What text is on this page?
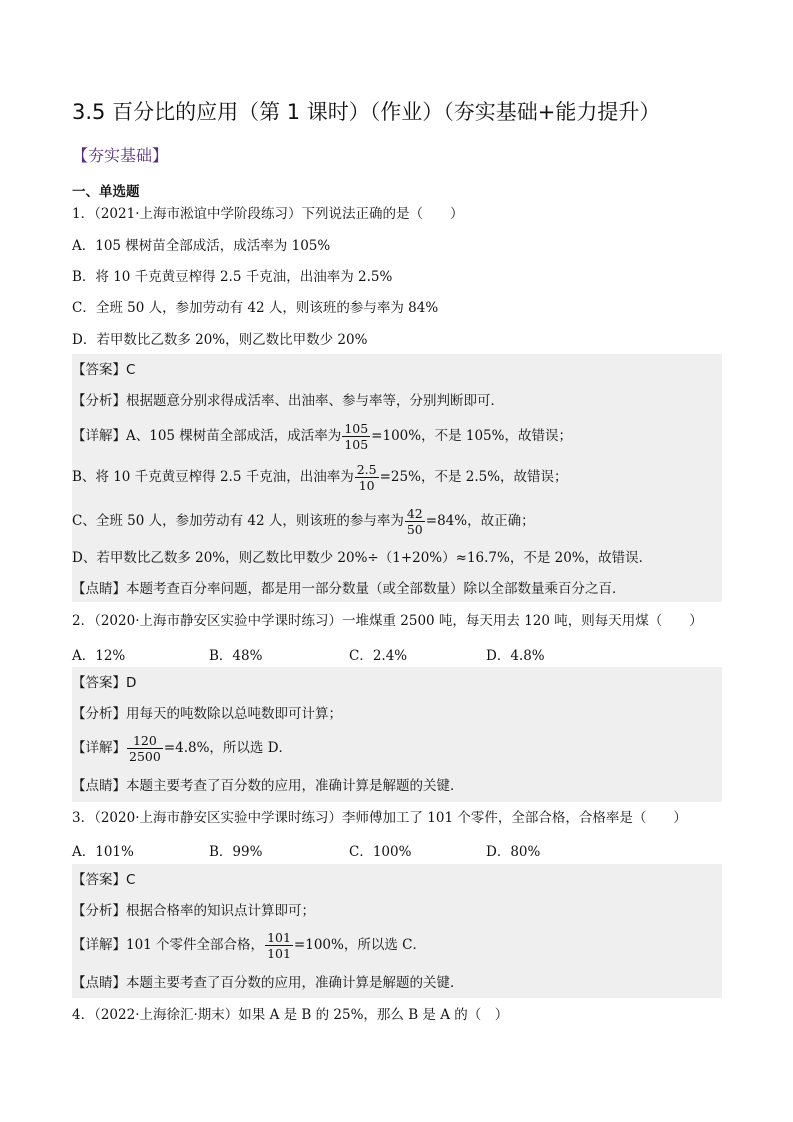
3.5 百分比的应用（第 1 课时）（作业）（夯实基础+能力提升）
【夯实基础】
一、单选题
1．（2021·上海市淞谊中学阶段练习）下列说法正确的是（　　）
A．105 棵树苗全部成活，成活率为 105%
B．将 10 千克黄豆榨得 2.5 千克油，出油率为 2.5%
C．全班 50 人，参加劳动有 42 人，则该班的参与率为 84%
D．若甲数比乙数多 20%，则乙数比甲数少 20%
【答案】C
【分析】根据题意分别求得成活率、出油率、参与率等，分别判断即可．
【详解】A、105 棵树苗全部成活，成活率为 $\frac{105}{105} =100\%$，不是 105%，故错误；
B、将 10 千克黄豆榨得 2.5 千克油，出油率为 $\frac{2.5}{10} =25\%$，不是 2.5%，故错误；
C、全班 50 人，参加劳动有 42 人，则该班的参与率为 $\frac{42}{50} =84\%$，故正确；
D、若甲数比乙数多 20%，则乙数比甲数少 20%÷（1+20%）≈16.7%，不是 20%，故错误．
【点睛】本题考查百分率问题，都是用一部分数量（或全部数量）除以全部数量乘百分之百．
2．（2020·上海市静安区实验中学课时练习）一堆煤重 2500 吨，每天用去 120 吨，则每天用煤（　　）
A．12%	B．48%	C．2.4%	D．4.8%
【答案】D
【分析】用每天的吨数除以总吨数即可计算；
【详解】 $\frac{120}{2500} =4.8\%$，所以选 D．
【点睛】本题主要考查了百分数的应用，准确计算是解题的关键．
3．（2020·上海市静安区实验中学课时练习）李师傅加工了 101 个零件，全部合格，合格率是（　　）
A．101%	B．99%	C．100%	D．80%
【答案】C
【分析】根据合格率的知识点计算即可；
【详解】101 个零件全部合格， $\frac{101}{101} =100\%$，所以选 C．
【点睛】本题主要考查了百分数的应用，准确计算是解题的关键．
4．（2022·上海徐汇·期末）如果 A 是 B 的 25%，那么 B 是 A 的（　）
